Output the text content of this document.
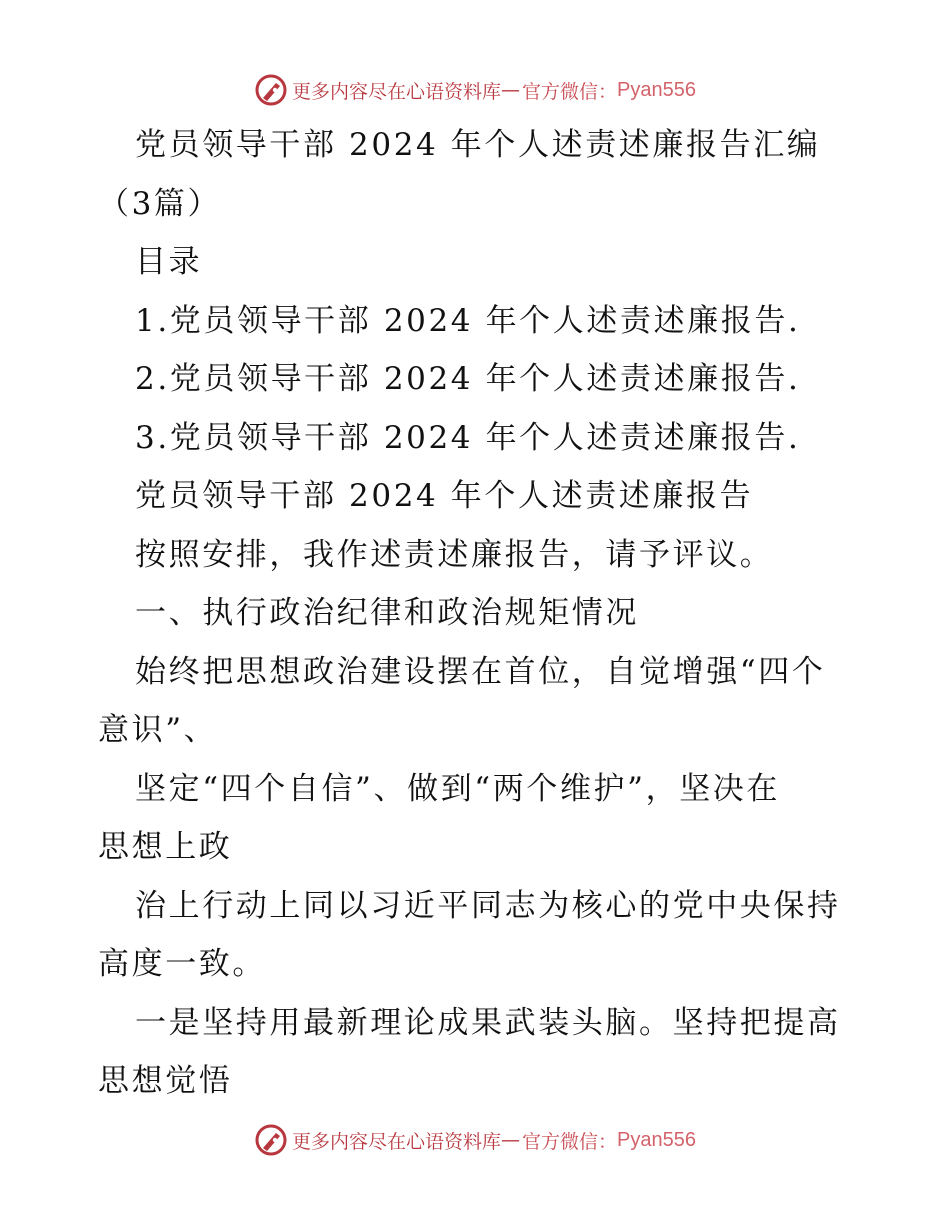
更多内容尽在心语资料库 — 官方微信： Pyan556
党员领导干部 2024 年个人述责述廉报告汇编
（3篇）
目录
1.党员领导干部 2024 年个人述责述廉报告.
2.党员领导干部 2024 年个人述责述廉报告.
3.党员领导干部 2024 年个人述责述廉报告.
党员领导干部 2024 年个人述责述廉报告
按照安排，我作述责述廉报告，请予评议。
一、执行政治纪律和政治规矩情况
始终把思想政治建设摆在首位，自觉增强“四个
意识”、
坚定“四个自信”、做到“两个维护”，坚决在
思想上政
治上行动上同以习近平同志为核心的党中央保持
高度一致。
一是坚持用最新理论成果武装头脑。坚持把提高
思想觉悟
更多内容尽在心语资料库 — 官方微信： Pyan556
